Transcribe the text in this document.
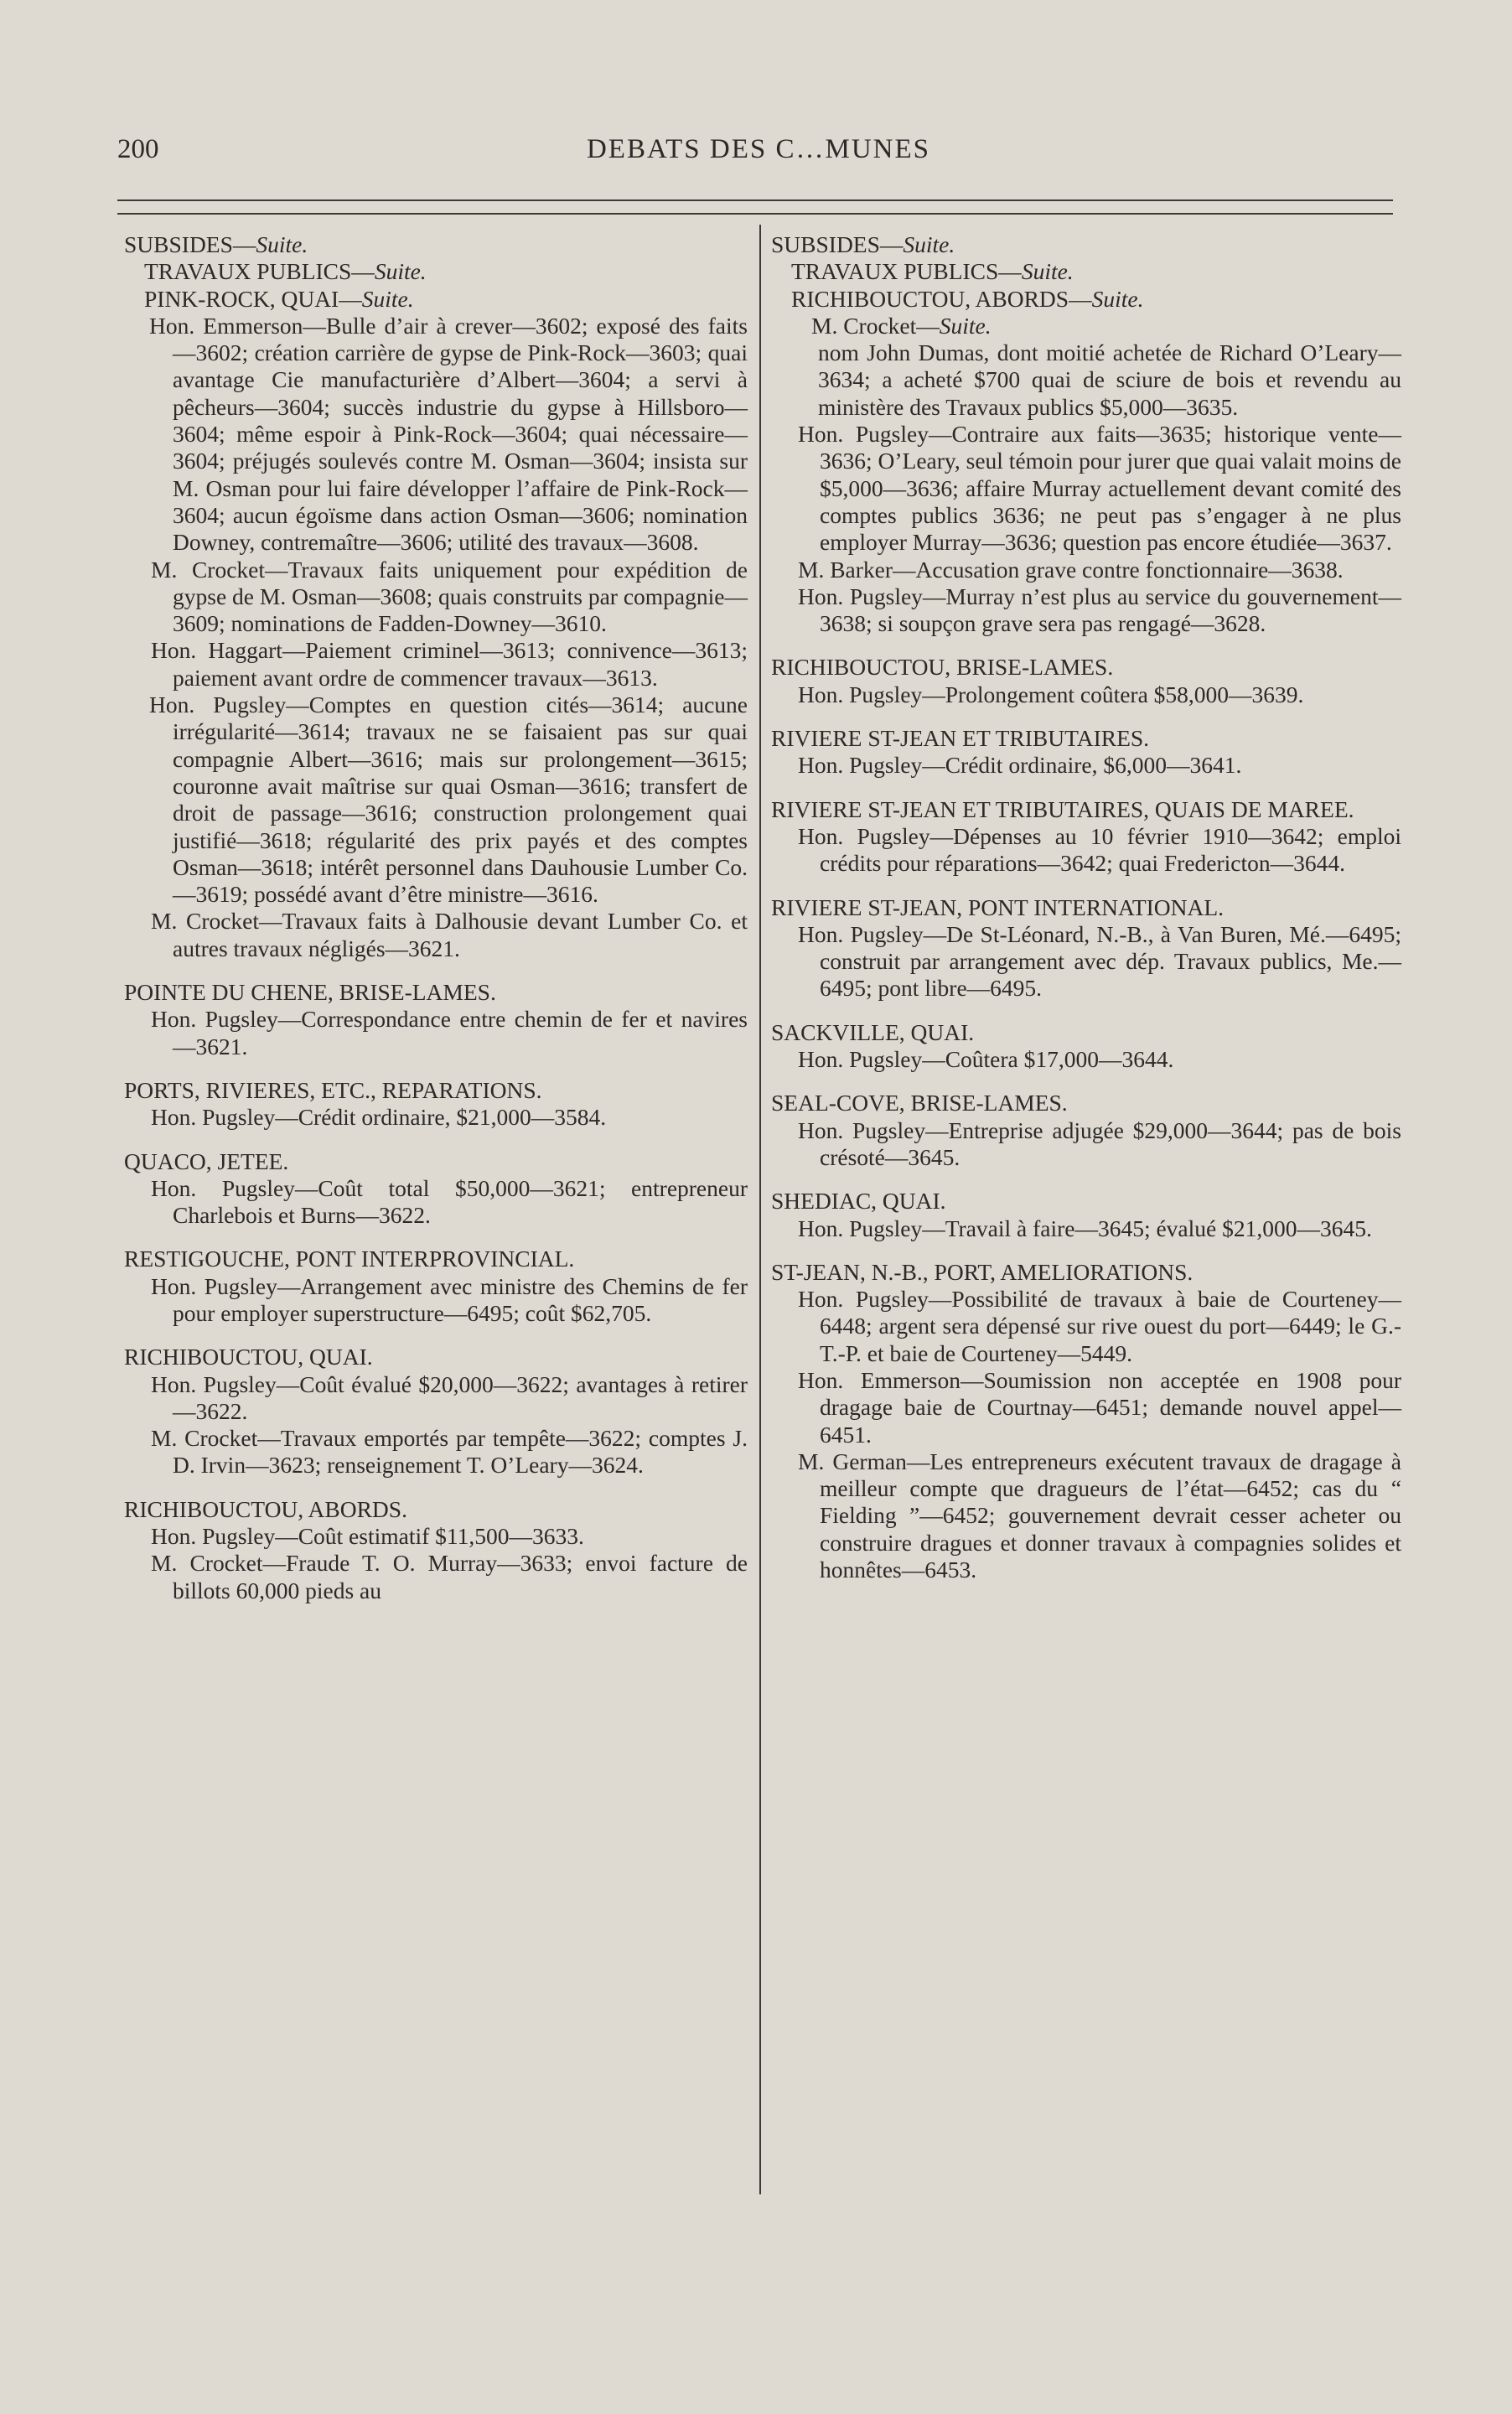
200	DEBATS DES C…MUNES
SUBSIDES—Suite.
TRAVAUX PUBLICS—Suite.
PINK-ROCK, QUAI—Suite.
Hon. Emmerson—Bulle d’air à crever—3602; exposé des faits—3602; création carrière de gypse de Pink-Rock—3603; quai avantage Cie manufacturière d’Albert—3604; a servi à pêcheurs—3604; succès industrie du gypse à Hillsboro—3604; même espoir à Pink-Rock—3604; quai nécessaire—3604; préjugés soulevés contre M. Osman—3604; insista sur M. Osman pour lui faire développer l’affaire de Pink-Rock—3604; aucun égoïsme dans action Osman—3606; nomination Downey, contremaître—3606; utilité des travaux—3608.
M. Crocket—Travaux faits uniquement pour expédition de gypse de M. Osman—3608; quais construits par compagnie—3609; nominations de Fadden-Downey—3610.
Hon. Haggart—Paiement criminel—3613; connivence—3613; paiement avant ordre de commencer travaux—3613.
Hon. Pugsley—Comptes en question cités—3614; aucune irrégularité—3614; travaux ne se faisaient pas sur quai compagnie Albert—3616; mais sur prolongement—3615; couronne avait maîtrise sur quai Osman—3616; transfert de droit de passage—3616; construction prolongement quai justifié—3618; régularité des prix payés et des comptes Osman—3618; intérêt personnel dans Dauhousie Lumber Co.—3619; possédé avant d’être ministre—3616.
M. Crocket—Travaux faits à Dalhousie devant Lumber Co. et autres travaux négligés—3621.
POINTE DU CHENE, BRISE-LAMES.
Hon. Pugsley—Correspondance entre chemin de fer et navires—3621.
PORTS, RIVIERES, ETC., REPARATIONS.
Hon. Pugsley—Crédit ordinaire, $21,000—3584.
QUACO, JETEE.
Hon. Pugsley—Coût total $50,000—3621; entrepreneur Charlebois et Burns—3622.
RESTIGOUCHE, PONT INTERPROVINCIAL.
Hon. Pugsley—Arrangement avec ministre des Chemins de fer pour employer superstructure—6495; coût $62,705.
RICHIBOUCTOU, QUAI.
Hon. Pugsley—Coût évalué $20,000—3622; avantages à retirer—3622.
M. Crocket—Travaux emportés par tempête—3622; comptes J. D. Irvin—3623; renseignement T. O’Leary—3624.
RICHIBOUCTOU, ABORDS.
Hon. Pugsley—Coût estimatif $11,500—3633.
M. Crocket—Fraude T. O. Murray—3633; envoi facture de billots 60,000 pieds au
SUBSIDES—Suite.
TRAVAUX PUBLICS—Suite.
RICHIBOUCTOU, ABORDS—Suite.
M. Crocket—Suite.
nom John Dumas, dont moitié achetée de Richard O’Leary—3634; a acheté $700 quai de sciure de bois et revendu au ministère des Travaux publics $5,000—3635.
Hon. Pugsley—Contraire aux faits—3635; historique vente—3636; O’Leary, seul témoin pour jurer que quai valait moins de $5,000—3636; affaire Murray actuellement devant comité des comptes publics 3636; ne peut pas s’engager à ne plus employer Murray—3636; question pas encore étudiée—3637.
M. Barker—Accusation grave contre fonctionnaire—3638.
Hon. Pugsley—Murray n’est plus au service du gouvernement—3638; si soupçon grave sera pas rengagé—3628.
RICHIBOUCTOU, BRISE-LAMES.
Hon. Pugsley—Prolongement coûtera $58,000—3639.
RIVIERE ST-JEAN ET TRIBUTAIRES.
Hon. Pugsley—Crédit ordinaire, $6,000—3641.
RIVIERE ST-JEAN ET TRIBUTAIRES, QUAIS DE MAREE.
Hon. Pugsley—Dépenses au 10 février 1910—3642; emploi crédits pour réparations—3642; quai Fredericton—3644.
RIVIERE ST-JEAN, PONT INTERNATIONAL.
Hon. Pugsley—De St-Léonard, N.-B., à Van Buren, Mé.—6495; construit par arrangement avec dép. Travaux publics, Me.—6495; pont libre—6495.
SACKVILLE, QUAI.
Hon. Pugsley—Coûtera $17,000—3644.
SEAL-COVE, BRISE-LAMES.
Hon. Pugsley—Entreprise adjugée $29,000—3644; pas de bois crésoté—3645.
SHEDIAC, QUAI.
Hon. Pugsley—Travail à faire—3645; évalué $21,000—3645.
ST-JEAN, N.-B., PORT, AMELIORATIONS.
Hon. Pugsley—Possibilité de travaux à baie de Courteney—6448; argent sera dépensé sur rive ouest du port—6449; le G.-T.-P. et baie de Courteney—5449.
Hon. Emmerson—Soumission non acceptée en 1908 pour dragage baie de Courtnay—6451; demande nouvel appel—6451.
M. German—Les entrepreneurs exécutent travaux de dragage à meilleur compte que dragueurs de l’état—6452; cas du “ Fielding ”—6452; gouvernement devrait cesser acheter ou construire dragues et donner travaux à compagnies solides et honnêtes—6453.
